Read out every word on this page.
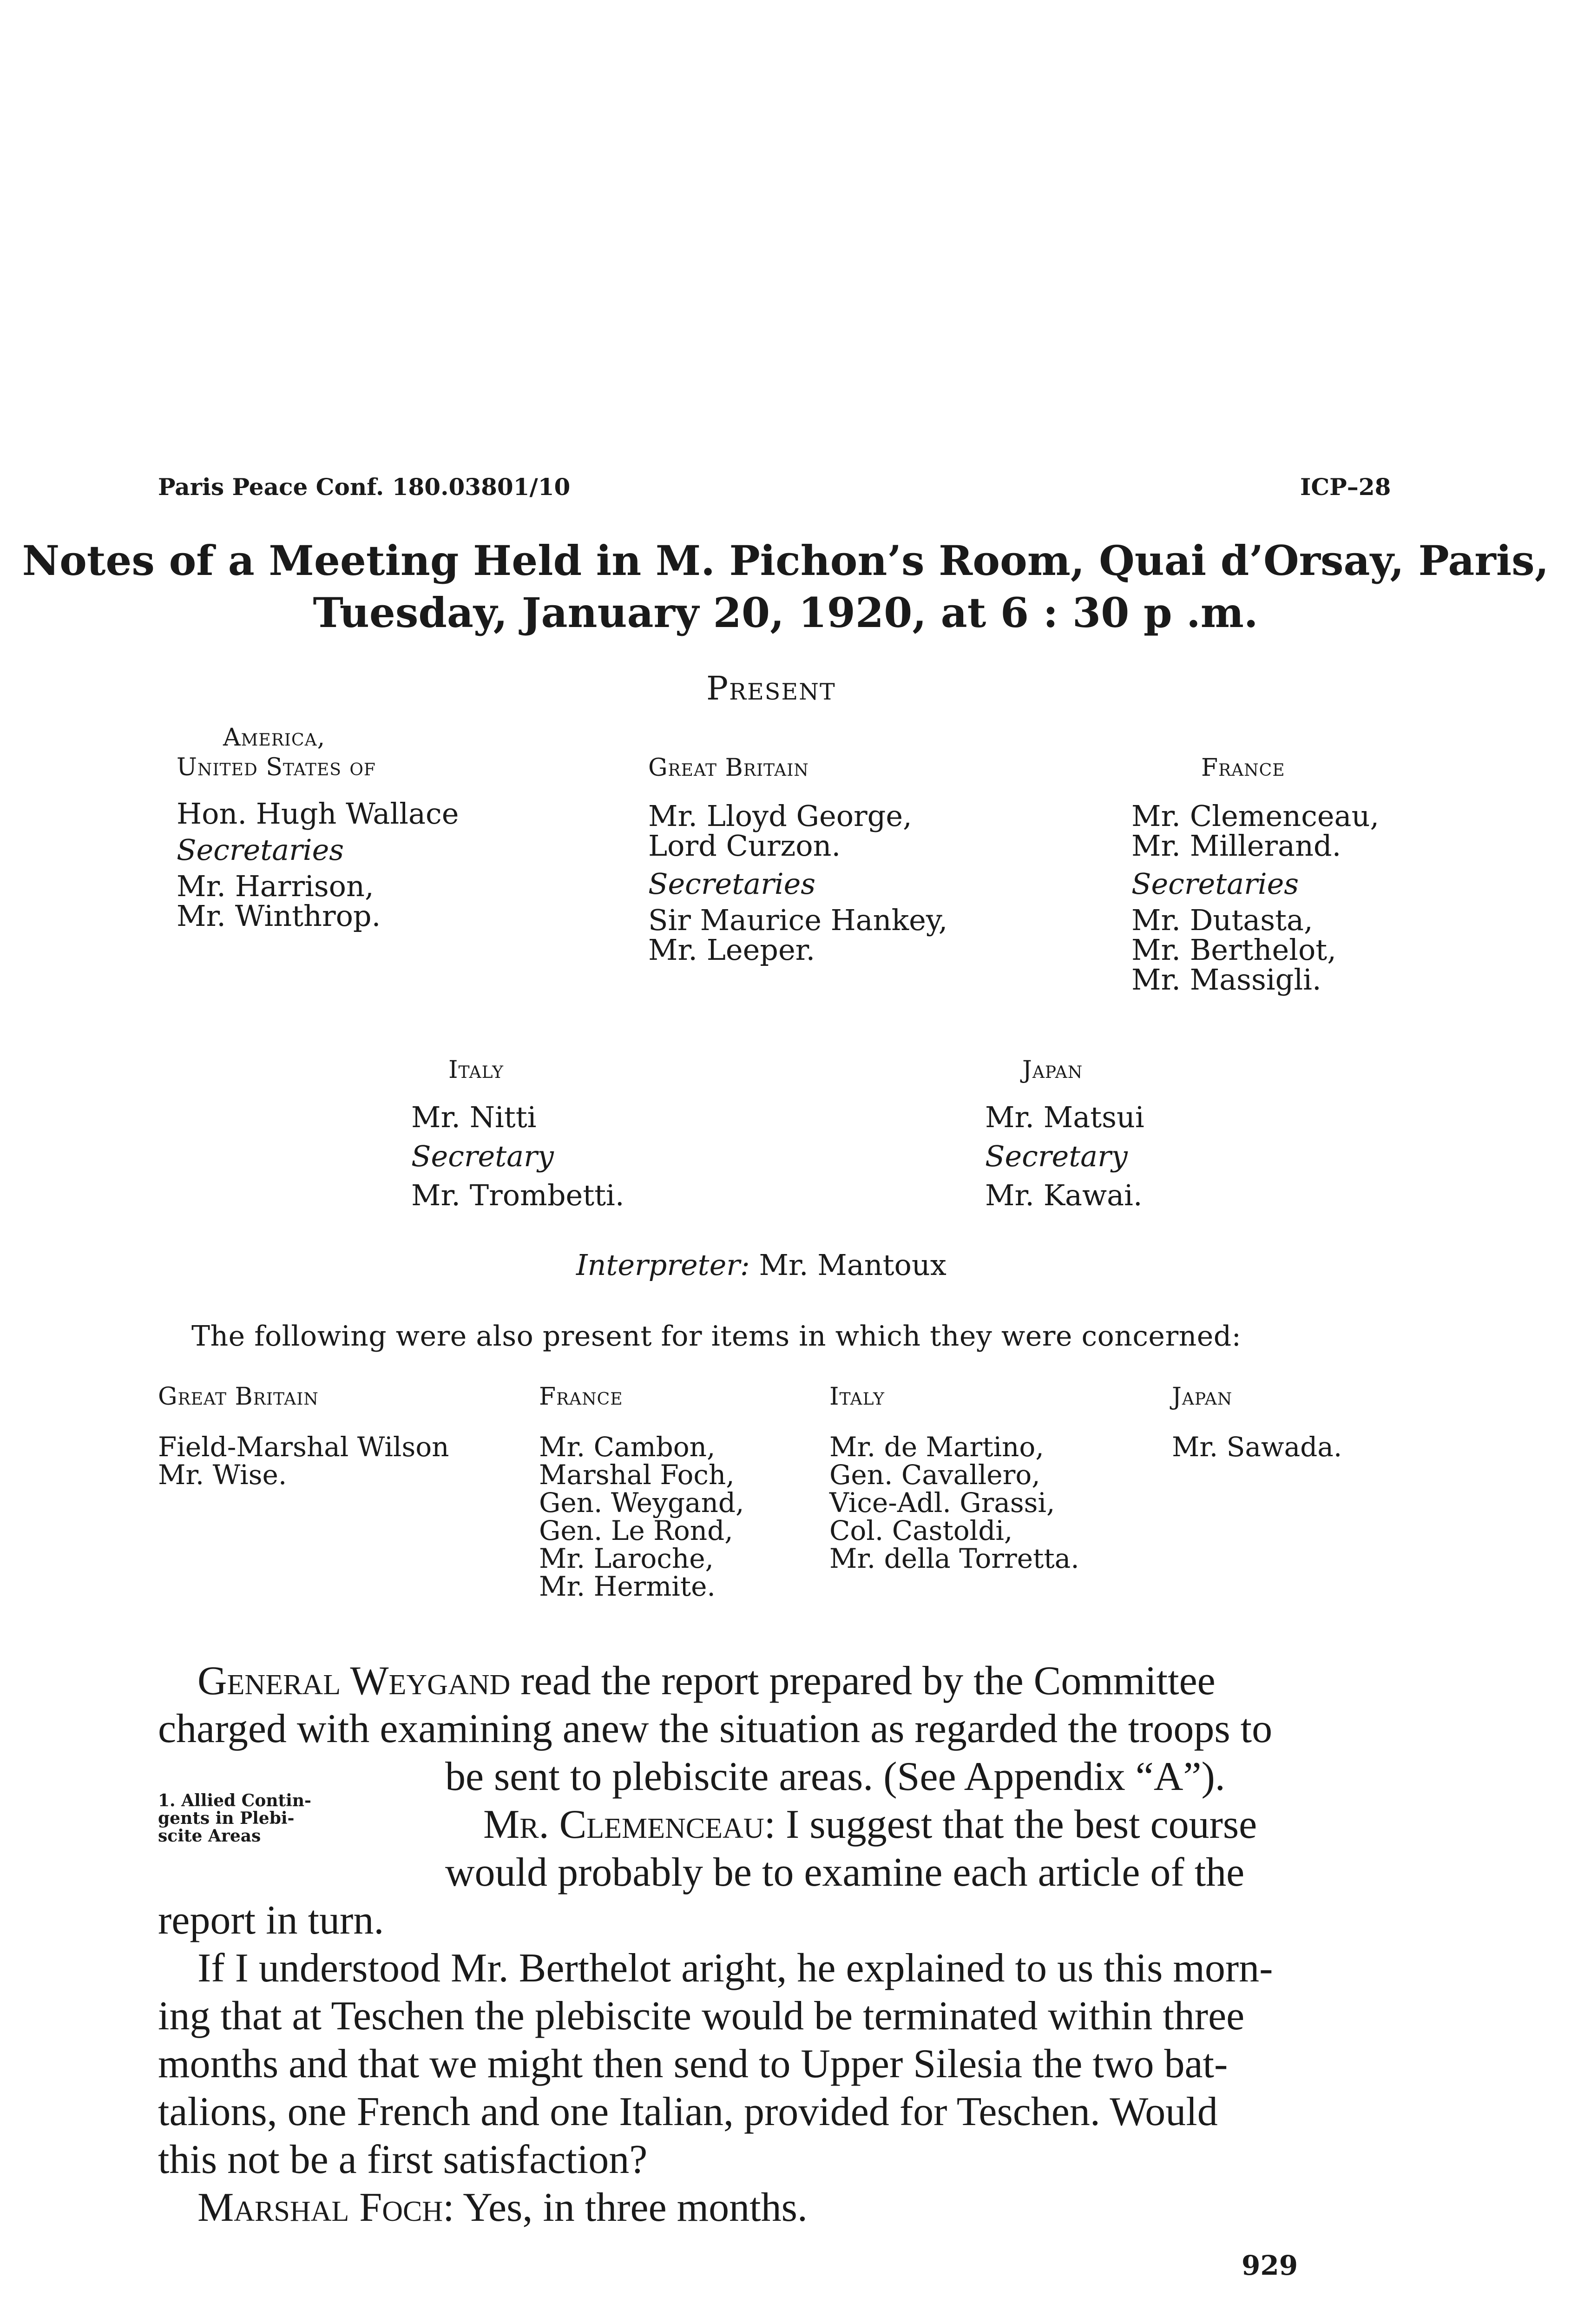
Paris Peace Conf. 180.03801/10	ICP–28
Notes of a Meeting Held in M. Pichon’s Room, Quai d’Orsay, Paris,
Tuesday, January 20, 1920, at 6 : 30 p .m.
Present
America,
United States of
Hon. Hugh Wallace
Secretaries
Mr. Harrison,
Mr. Winthrop.
Great Britain
Mr. Lloyd George,
Lord Curzon.
Secretaries
Sir Maurice Hankey,
Mr. Leeper.
France
Mr. Clemenceau,
Mr. Millerand.
Secretaries
Mr. Dutasta,
Mr. Berthelot,
Mr. Massigli.
Italy
Mr. Nitti
Secretary
Mr. Trombetti.
Japan
Mr. Matsui
Secretary
Mr. Kawai.
Interpreter: Mr. Mantoux
The following were also present for items in which they were concerned:
Great Britain
Field-Marshal Wilson
Mr. Wise.
France
Mr. Cambon,
Marshal Foch,
Gen. Weygand,
Gen. Le Rond,
Mr. Laroche,
Mr. Hermite.
Italy
Mr. de Martino,
Gen. Cavallero,
Vice-Adl. Grassi,
Col. Castoldi,
Mr. della Torretta.
Japan
Mr. Sawada.
1. Allied Contin-
gents in Plebi-
scite Areas
General Weygand read the report prepared by the Committee
charged with examining anew the situation as regarded the troops to
be sent to plebiscite areas. (See Appendix “A”).
Mr. Clemenceau: I suggest that the best course
would probably be to examine each article of the
report in turn.
If I understood Mr. Berthelot aright, he explained to us this morn-
ing that at Teschen the plebiscite would be terminated within three
months and that we might then send to Upper Silesia the two bat-
talions, one French and one Italian, provided for Teschen. Would
this not be a first satisfaction?
Marshal Foch: Yes, in three months.
929
